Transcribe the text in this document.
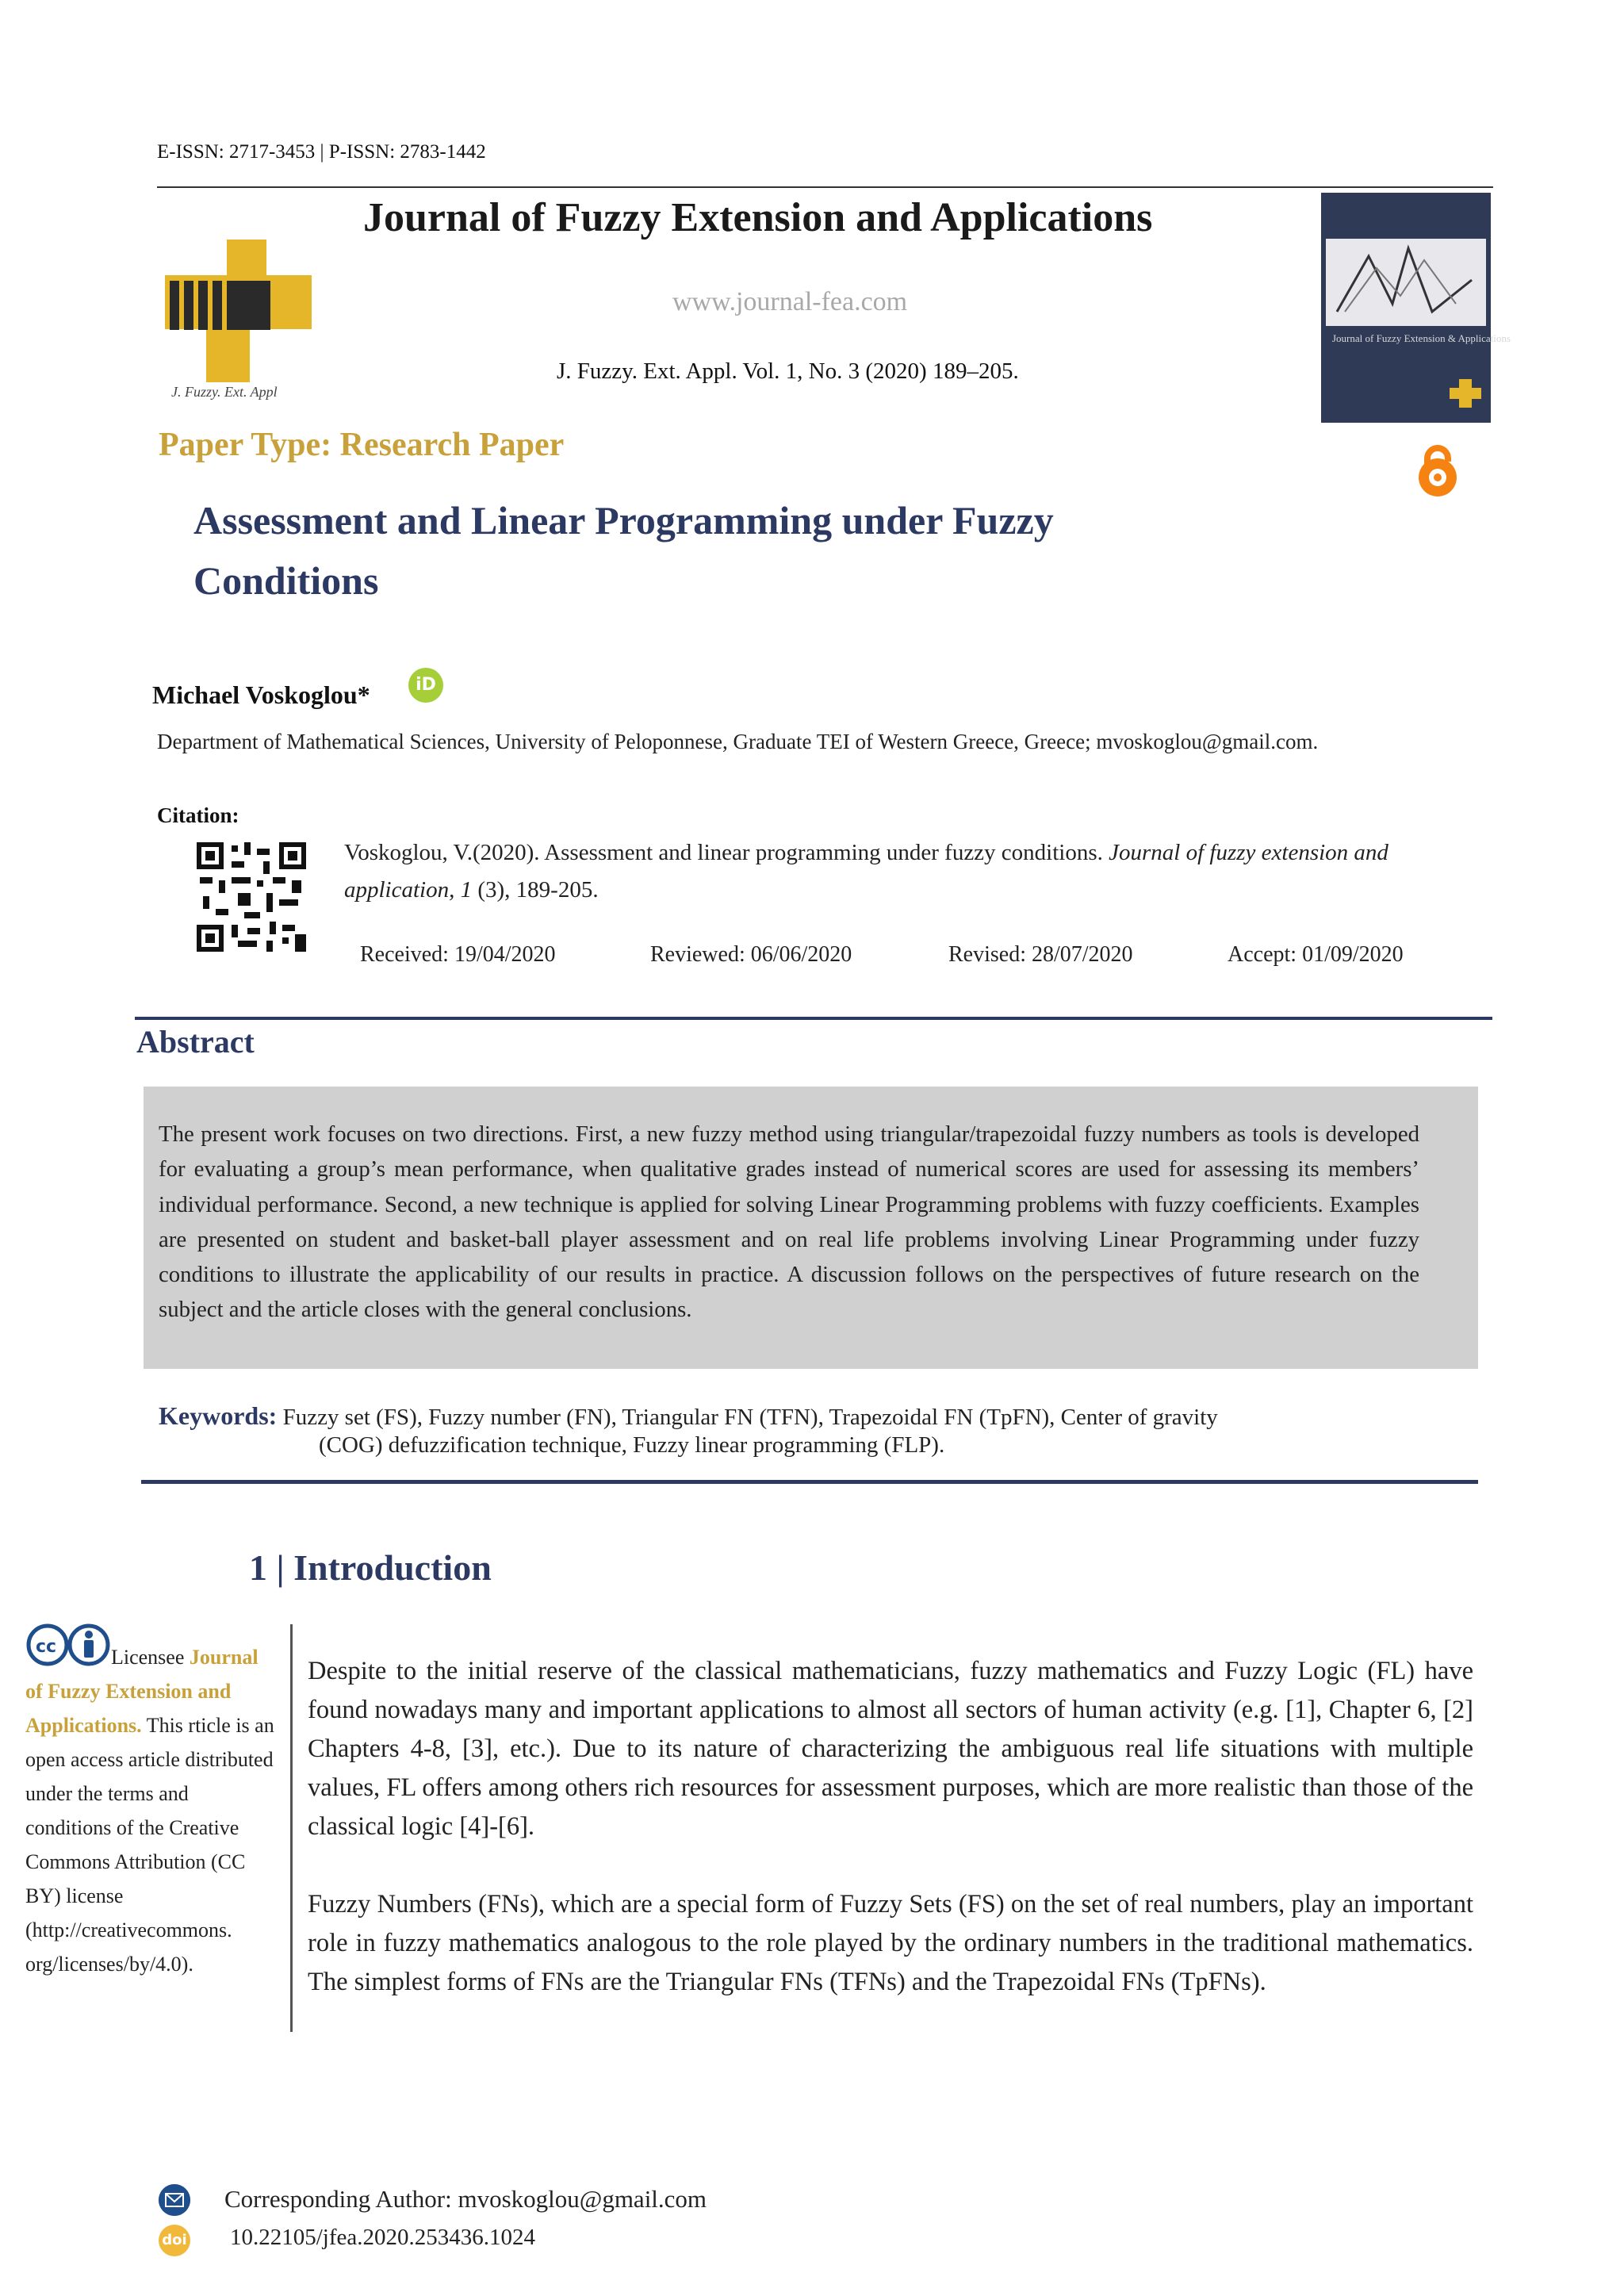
E-ISSN: 2717-3453 | P-ISSN: 2783-1442
J. Fuzzy. Ext. Appl
Journal of Fuzzy Extension and Applications
www.journal-fea.com
J. Fuzzy. Ext. Appl. Vol. 1, No. 3 (2020) 189–205.
Journal of Fuzzy Extension & Applications
Paper Type: Research Paper
Assessment and Linear Programming under Fuzzy
Conditions
Michael Voskoglou*	iD
Department of Mathematical Sciences, University of Peloponnese, Graduate TEI of Western Greece, Greece; mvoskoglou@gmail.com.
Citation:
Voskoglou, V.(2020). Assessment and linear programming under fuzzy conditions. Journal of fuzzy extension and application, 1 (3), 189-205.
Received: 19/04/2020	Reviewed: 06/06/2020	Revised: 28/07/2020	Accept: 01/09/2020
Abstract
The present work focuses on two directions. First, a new fuzzy method using triangular/trapezoidal fuzzy numbers as tools is developed for evaluating a group’s mean performance, when qualitative grades instead of numerical scores are used for assessing its members’ individual performance. Second, a new technique is applied for solving Linear Programming problems with fuzzy coefficients. Examples are presented on student and basket-ball player assessment and on real life problems involving Linear Programming under fuzzy conditions to illustrate the applicability of our results in practice. A discussion follows on the perspectives of future research on the subject and the article closes with the general conclusions.
Keywords: Fuzzy set (FS), Fuzzy number (FN), Triangular FN (TFN), Trapezoidal FN (TpFN), Center of gravity
(COG) defuzzification technique, Fuzzy linear programming (FLP).
1 | Introduction
cc	Licensee Journal of Fuzzy Extension and Applications. This rticle is an open access article distributed under the terms and conditions of the Creative Commons Attribution (CC BY) license (http://creativecommons. org/licenses/by/4.0).
Despite to the initial reserve of the classical mathematicians, fuzzy mathematics and Fuzzy Logic (FL) have found nowadays many and important applications to almost all sectors of human activity (e.g. [1], Chapter 6, [2] Chapters 4-8, [3], etc.). Due to its nature of characterizing the ambiguous real life situations with multiple values, FL offers among others rich resources for assessment purposes, which are more realistic than those of the classical logic [4]-[6].
Fuzzy Numbers (FNs), which are a special form of Fuzzy Sets (FS) on the set of real numbers, play an important role in fuzzy mathematics analogous to the role played by the ordinary numbers in the traditional mathematics. The simplest forms of FNs are the Triangular FNs (TFNs) and the Trapezoidal FNs (TpFNs).
Corresponding Author: mvoskoglou@gmail.com
doi 10.22105/jfea.2020.253436.1024
